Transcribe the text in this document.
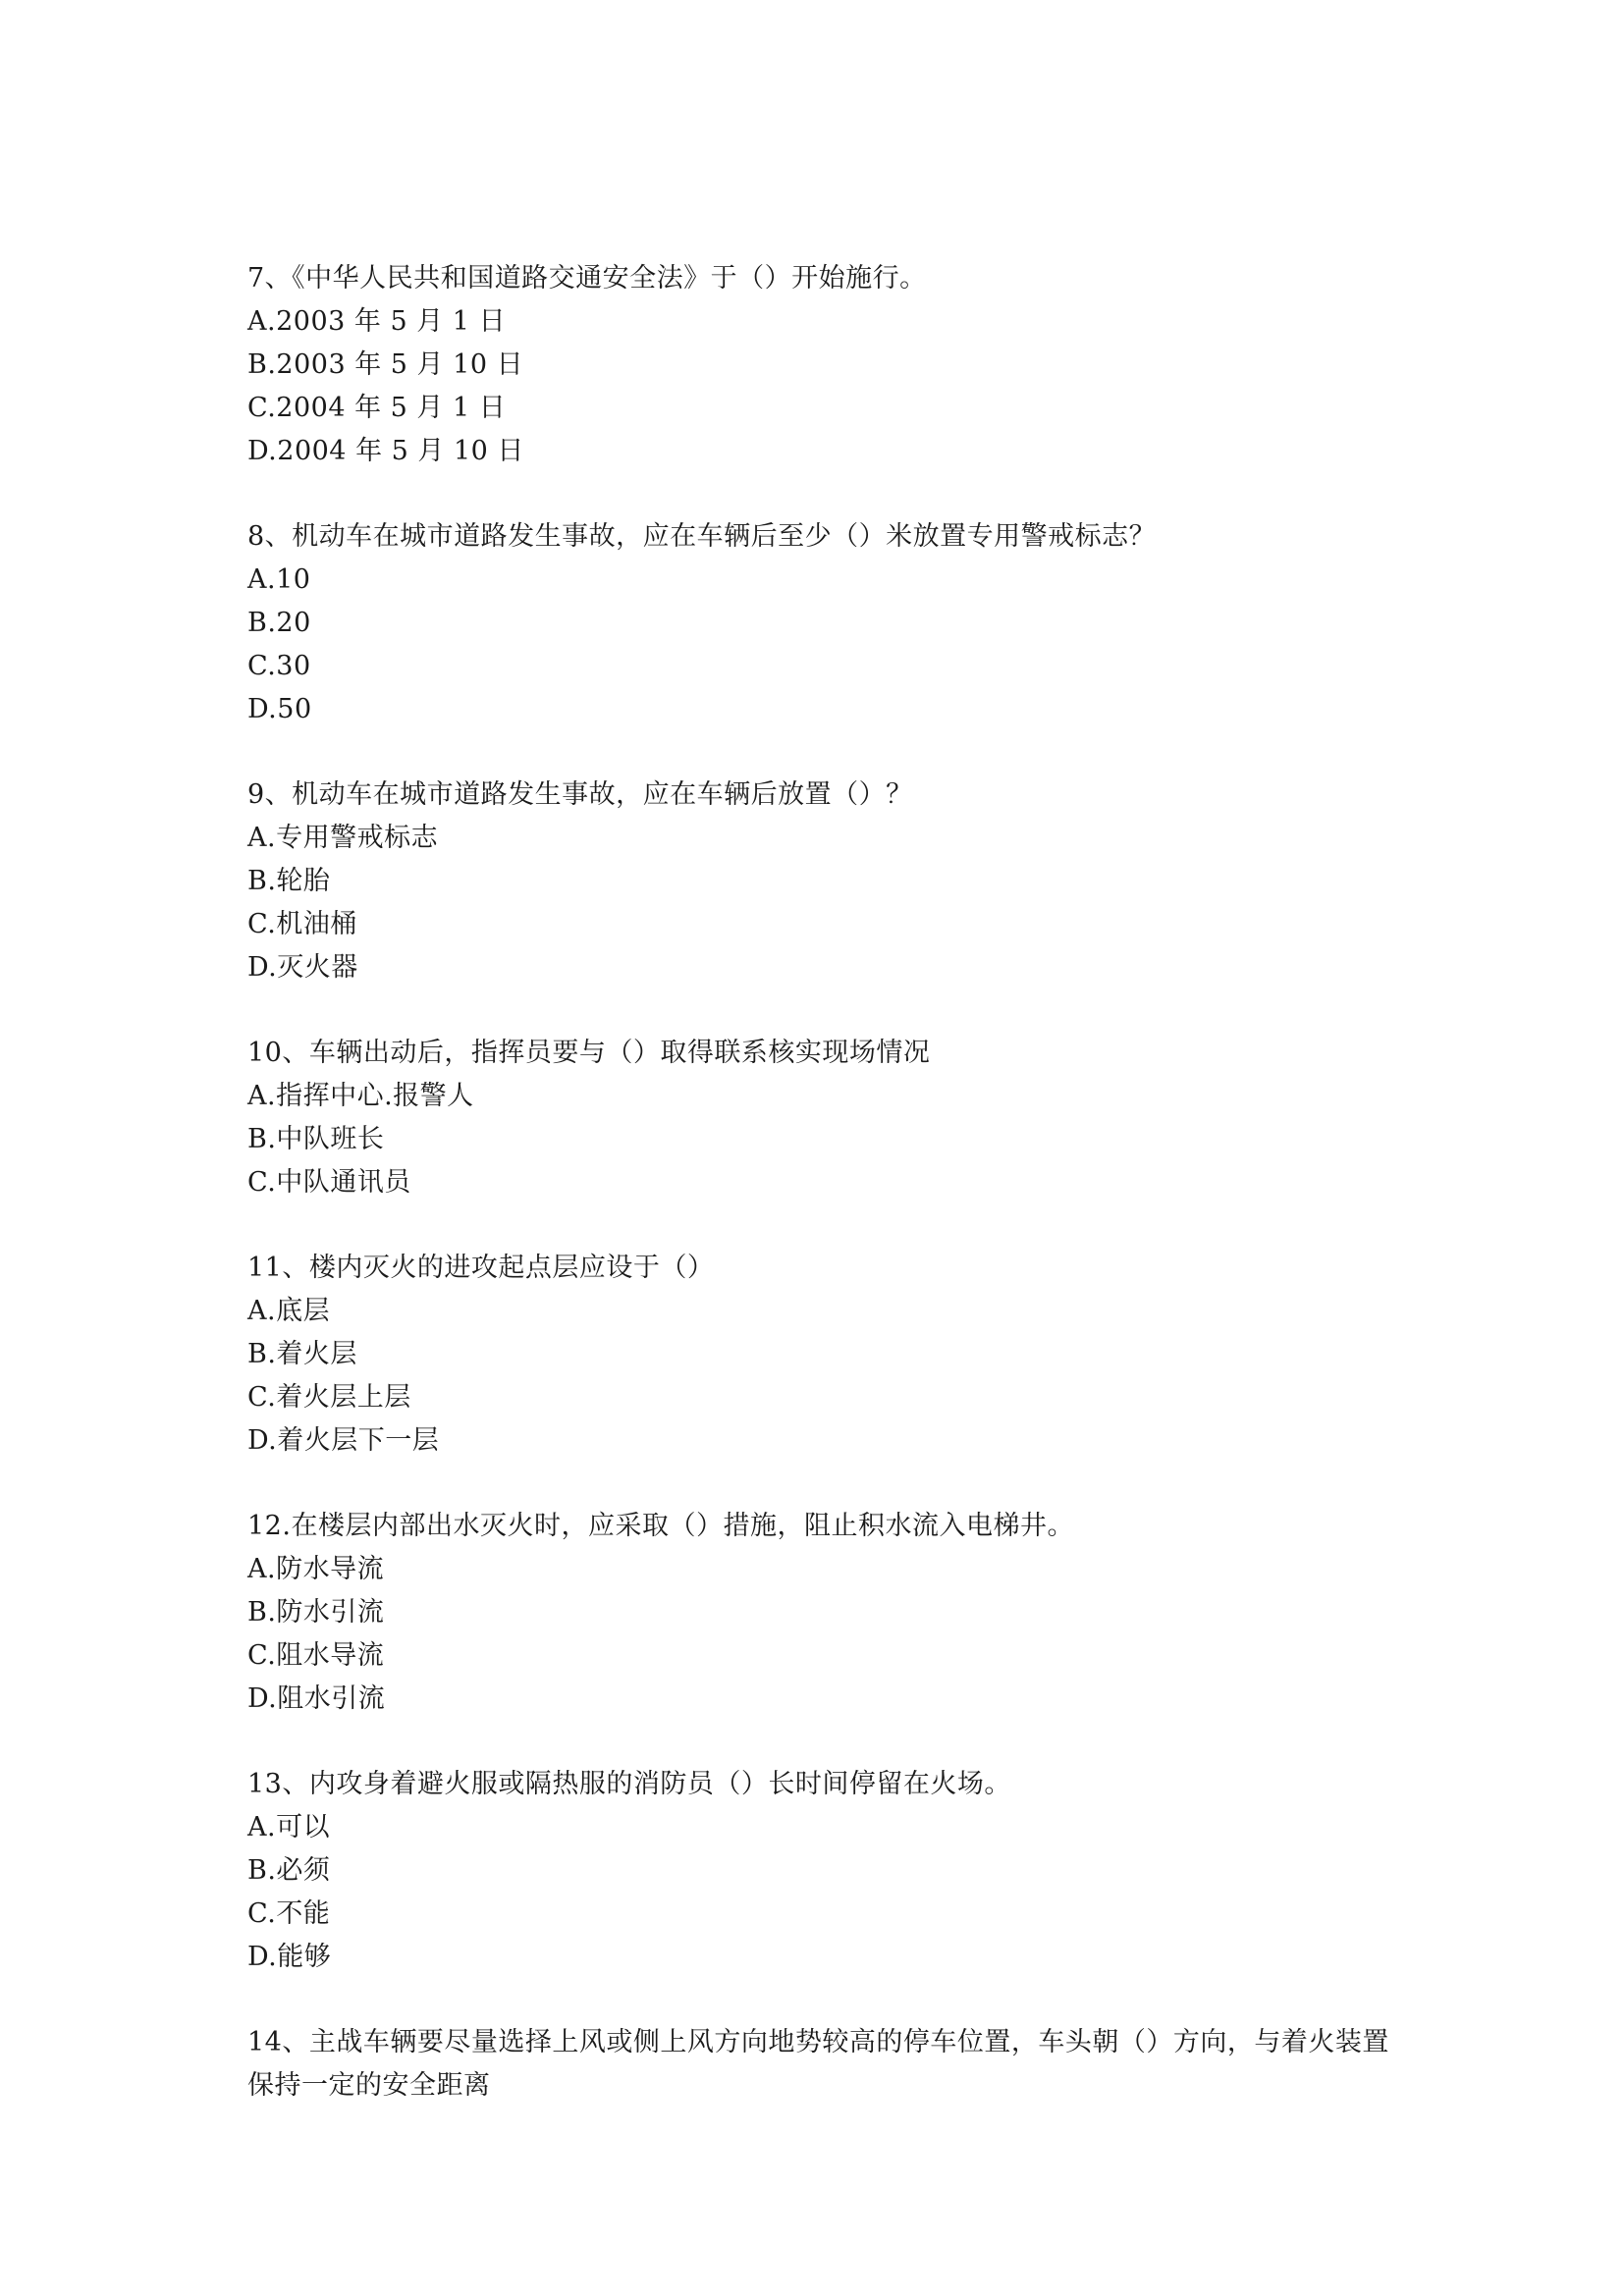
7、《中华人民共和国道路交通安全法》于（）开始施行。
A.2003 年 5 月 1 日
B.2003 年 5 月 10 日
C.2004 年 5 月 1 日
D.2004 年 5 月 10 日
8、机动车在城市道路发生事故，应在车辆后至少（）米放置专用警戒标志？
A.10
B.20
C.30
D.50
9、机动车在城市道路发生事故，应在车辆后放置（）？
A.专用警戒标志
B.轮胎
C.机油桶
D.灭火器
10、车辆出动后，指挥员要与（）取得联系核实现场情况
A.指挥中心.报警人
B.中队班长
C.中队通讯员
11、楼内灭火的进攻起点层应设于（）
A.底层
B.着火层
C.着火层上层
D.着火层下一层
12.在楼层内部出水灭火时，应采取（）措施，阻止积水流入电梯井。
A.防水导流
B.防水引流
C.阻水导流
D.阻水引流
13、内攻身着避火服或隔热服的消防员（）长时间停留在火场。
A.可以
B.必须
C.不能
D.能够
14、主战车辆要尽量选择上风或侧上风方向地势较高的停车位置，车头朝（）方向，与着火装置保持一定的安全距离
